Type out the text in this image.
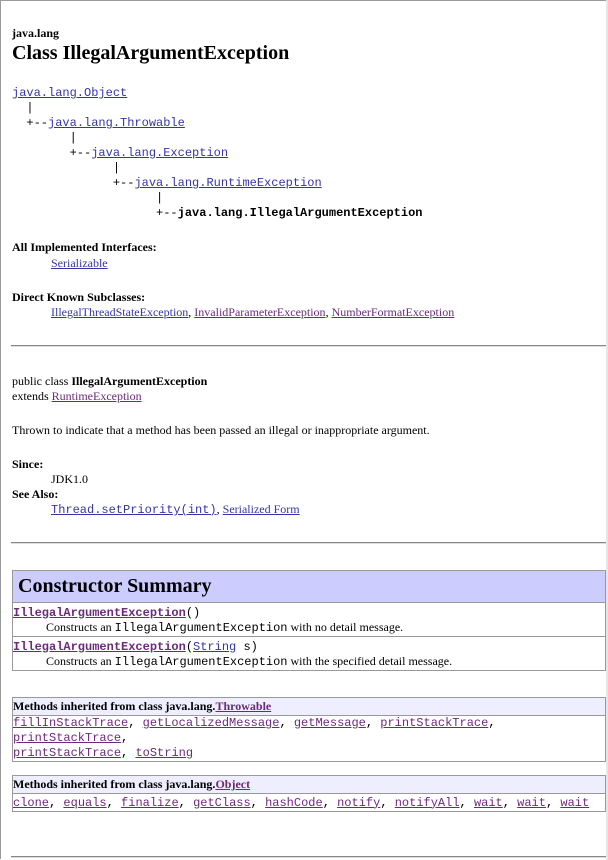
java.lang
Class IllegalArgumentException
java.lang.Object
|
+--java.lang.Throwable
|
+--java.lang.Exception
|
+--java.lang.RuntimeException
|
+--java.lang.IllegalArgumentException
All Implemented Interfaces:
Serializable
Direct Known Subclasses:
IllegalThreadStateException, InvalidParameterException, NumberFormatException
public class IllegalArgumentException
extends RuntimeException
Thrown to indicate that a method has been passed an illegal or inappropriate argument.
Since:
JDK1.0
See Also:
Thread.setPriority(int), Serialized Form
Constructor Summary

IllegalArgumentException()
Constructs an IllegalArgumentException with no detail message.

IllegalArgumentException(String s)
Constructs an IllegalArgumentException with the specified detail message.
Methods inherited from class java.lang.Throwable

fillInStackTrace, getLocalizedMessage, getMessage, printStackTrace, printStackTrace,
printStackTrace, toString
Methods inherited from class java.lang.Object
clone, equals, finalize, getClass, hashCode, notify, notifyAll, wait, wait, wait
